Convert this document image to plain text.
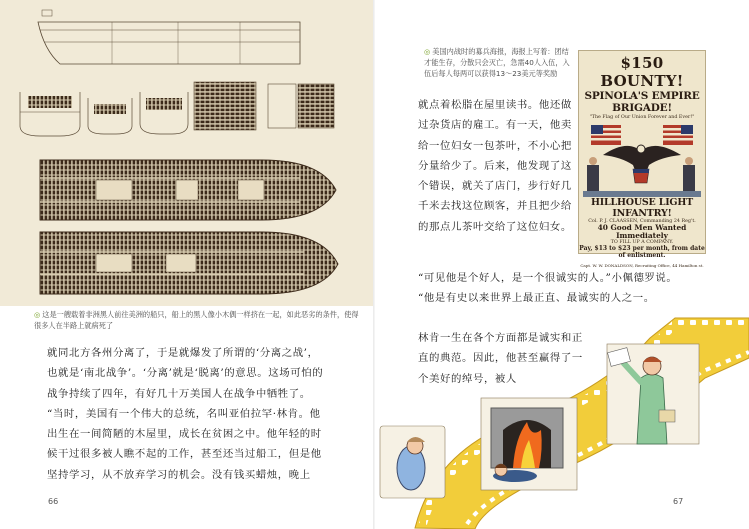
◎ 这是一艘载着非洲黑人前往美洲的船只，船上的黑人像小木偶一样挤在一起，如此恶劣的条件，使得很多人在半路上就病死了

就同北方各州分离了，于是就爆发了所谓的‘分离之战’，也就是‘南北战争’。‘分离’就是‘脱离’的意思。这场可怕的战争持续了四年，有好几十万美国人在战争中牺牲了。

“当时，美国有一个伟大的总统，名叫亚伯拉罕·林肯。他出生在一间简陋的木屋里，成长在贫困之中。他年轻的时候干过很多被人瞧不起的工作，甚至还当过船工，但是他坚持学习，从不放弃学习的机会。没有钱买蜡烛，晚上

66
◎ 美国内战时的募兵海报，海报上写着：团结才能生存，分散只会灭亡，急需40人入伍，入伍后每人每两可以获得13～23美元等奖励
$150 BOUNTY!
SPINOLA'S EMPIRE BRIGADE!
"The Flag of Our Union Forever and Ever!"
HILLHOUSE LIGHT INFANTRY!
Col. P. J. CLAASSEN, Commanding 24 Reg't.
40 Good Men Wanted Immediately
TO FILL UP A COMPANY.
Pay, $13 to $23 per month, from date of enlistment.
Capt. W. W. DONALDSON, Recruiting Office, 44 Hamilton st.
就点着松脂在屋里读书。他还做过杂货店的雇工。有一天，他卖给一位妇女一包茶叶，不小心把分量给少了。后来，他发现了这个错误，就关了店门，步行好几千米去找这位顾客，并且把少给的那点儿茶叶交给了这位妇女。

“可见他是个好人，是一个很诚实的人。”小佩德罗说。

“他是有史以来世界上最正直、最诚实的人之一。

林肯一生在各个方面都是诚实和正直的典范。因此，他甚至赢得了一个美好的绰号，被人
67
